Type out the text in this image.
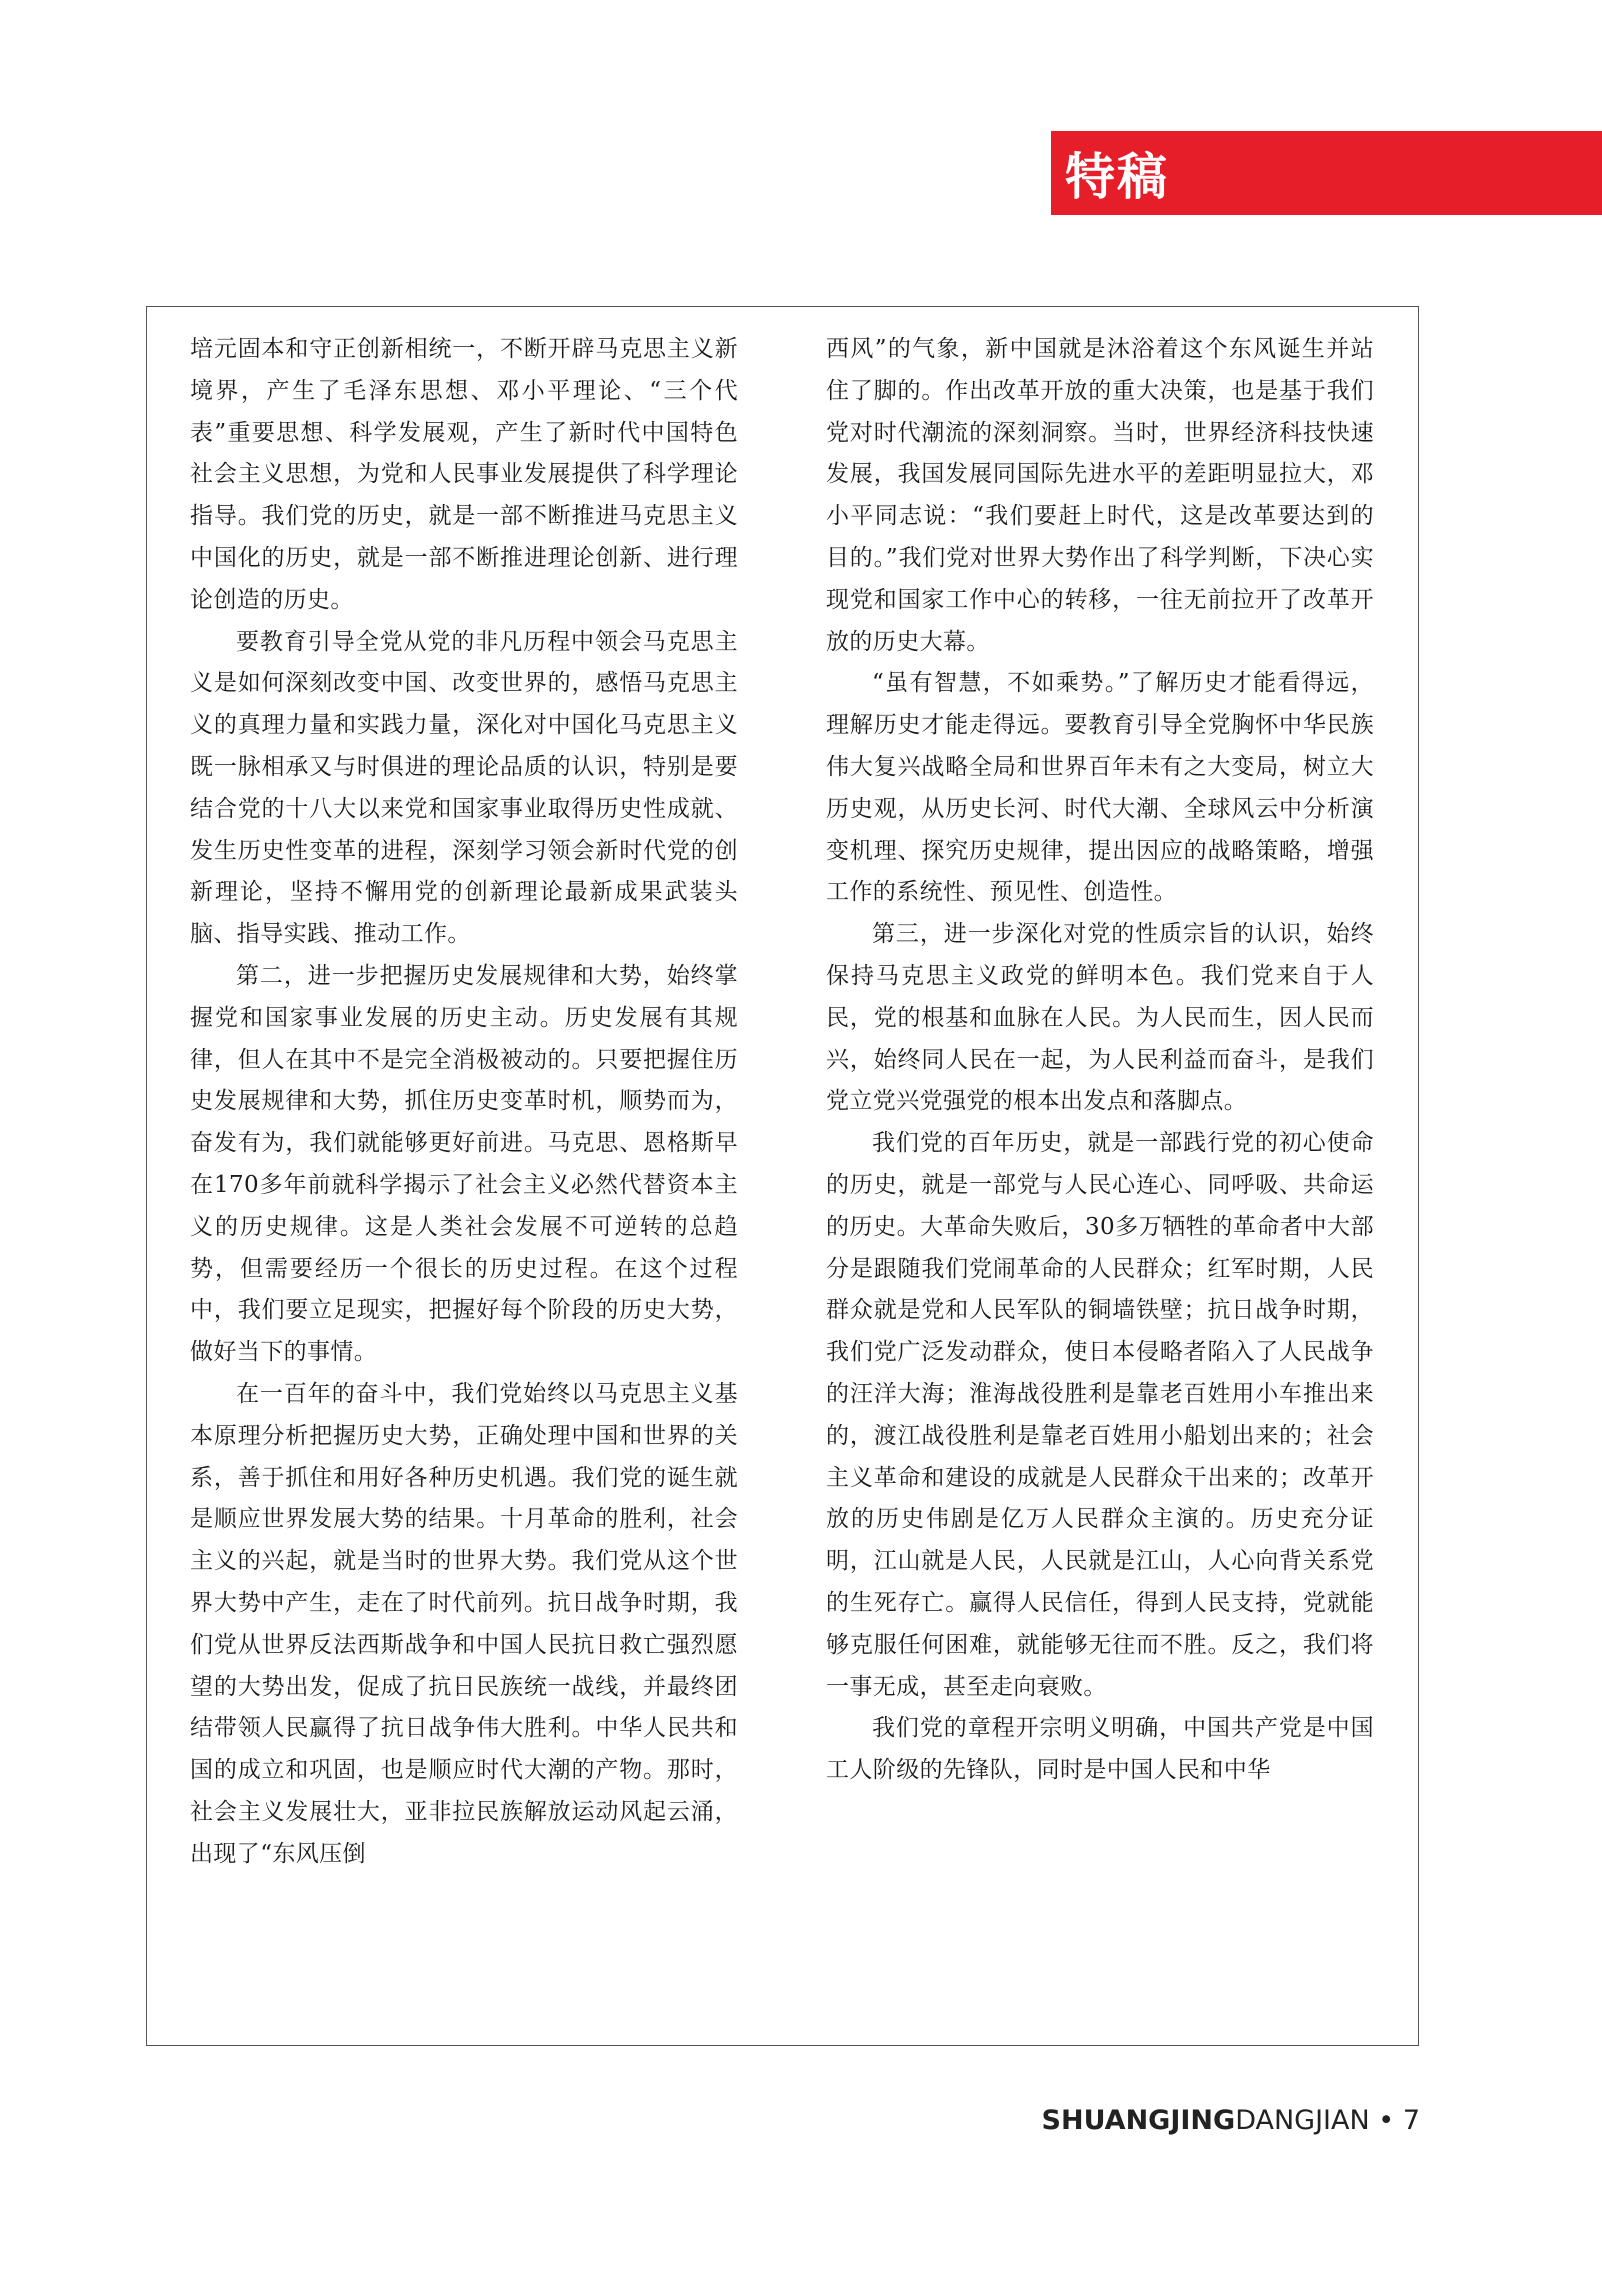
特稿

培元固本和守正创新相统一，不断开辟马克思主义新境界，产生了毛泽东思想、邓小平理论、“三个代表”重要思想、科学发展观，产生了新时代中国特色社会主义思想，为党和人民事业发展提供了科学理论指导。我们党的历史，就是一部不断推进马克思主义中国化的历史，就是一部不断推进理论创新、进行理论创造的历史。

要教育引导全党从党的非凡历程中领会马克思主义是如何深刻改变中国、改变世界的，感悟马克思主义的真理力量和实践力量，深化对中国化马克思主义既一脉相承又与时俱进的理论品质的认识，特别是要结合党的十八大以来党和国家事业取得历史性成就、发生历史性变革的进程，深刻学习领会新时代党的创新理论，坚持不懈用党的创新理论最新成果武装头脑、指导实践、推动工作。

第二，进一步把握历史发展规律和大势，始终掌握党和国家事业发展的历史主动。历史发展有其规律，但人在其中不是完全消极被动的。只要把握住历史发展规律和大势，抓住历史变革时机，顺势而为，奋发有为，我们就能够更好前进。马克思、恩格斯早在170多年前就科学揭示了社会主义必然代替资本主义的历史规律。这是人类社会发展不可逆转的总趋势，但需要经历一个很长的历史过程。在这个过程中，我们要立足现实，把握好每个阶段的历史大势，做好当下的事情。

在一百年的奋斗中，我们党始终以马克思主义基本原理分析把握历史大势，正确处理中国和世界的关系，善于抓住和用好各种历史机遇。我们党的诞生就是顺应世界发展大势的结果。十月革命的胜利，社会主义的兴起，就是当时的世界大势。我们党从这个世界大势中产生，走在了时代前列。抗日战争时期，我们党从世界反法西斯战争和中国人民抗日救亡强烈愿望的大势出发，促成了抗日民族统一战线，并最终团结带领人民赢得了抗日战争伟大胜利。中华人民共和国的成立和巩固，也是顺应时代大潮的产物。那时，社会主义发展壮大，亚非拉民族解放运动风起云涌，出现了“东风压倒

西风”的气象，新中国就是沐浴着这个东风诞生并站住了脚的。作出改革开放的重大决策，也是基于我们党对时代潮流的深刻洞察。当时，世界经济科技快速发展，我国发展同国际先进水平的差距明显拉大，邓小平同志说：“我们要赶上时代，这是改革要达到的目的。”我们党对世界大势作出了科学判断，下决心实现党和国家工作中心的转移，一往无前拉开了改革开放的历史大幕。

“虽有智慧，不如乘势。”了解历史才能看得远，理解历史才能走得远。要教育引导全党胸怀中华民族伟大复兴战略全局和世界百年未有之大变局，树立大历史观，从历史长河、时代大潮、全球风云中分析演变机理、探究历史规律，提出因应的战略策略，增强工作的系统性、预见性、创造性。

第三，进一步深化对党的性质宗旨的认识，始终保持马克思主义政党的鲜明本色。我们党来自于人民，党的根基和血脉在人民。为人民而生，因人民而兴，始终同人民在一起，为人民利益而奋斗，是我们党立党兴党强党的根本出发点和落脚点。

我们党的百年历史，就是一部践行党的初心使命的历史，就是一部党与人民心连心、同呼吸、共命运的历史。大革命失败后，30多万牺牲的革命者中大部分是跟随我们党闹革命的人民群众；红军时期，人民群众就是党和人民军队的铜墙铁壁；抗日战争时期，我们党广泛发动群众，使日本侵略者陷入了人民战争的汪洋大海；淮海战役胜利是靠老百姓用小车推出来的，渡江战役胜利是靠老百姓用小船划出来的；社会主义革命和建设的成就是人民群众干出来的；改革开放的历史伟剧是亿万人民群众主演的。历史充分证明，江山就是人民，人民就是江山，人心向背关系党的生死存亡。赢得人民信任，得到人民支持，党就能够克服任何困难，就能够无往而不胜。反之，我们将一事无成，甚至走向衰败。

我们党的章程开宗明义明确，中国共产党是中国工人阶级的先锋队，同时是中国人民和中华

SHUANGJINGDANGJIAN • 7
